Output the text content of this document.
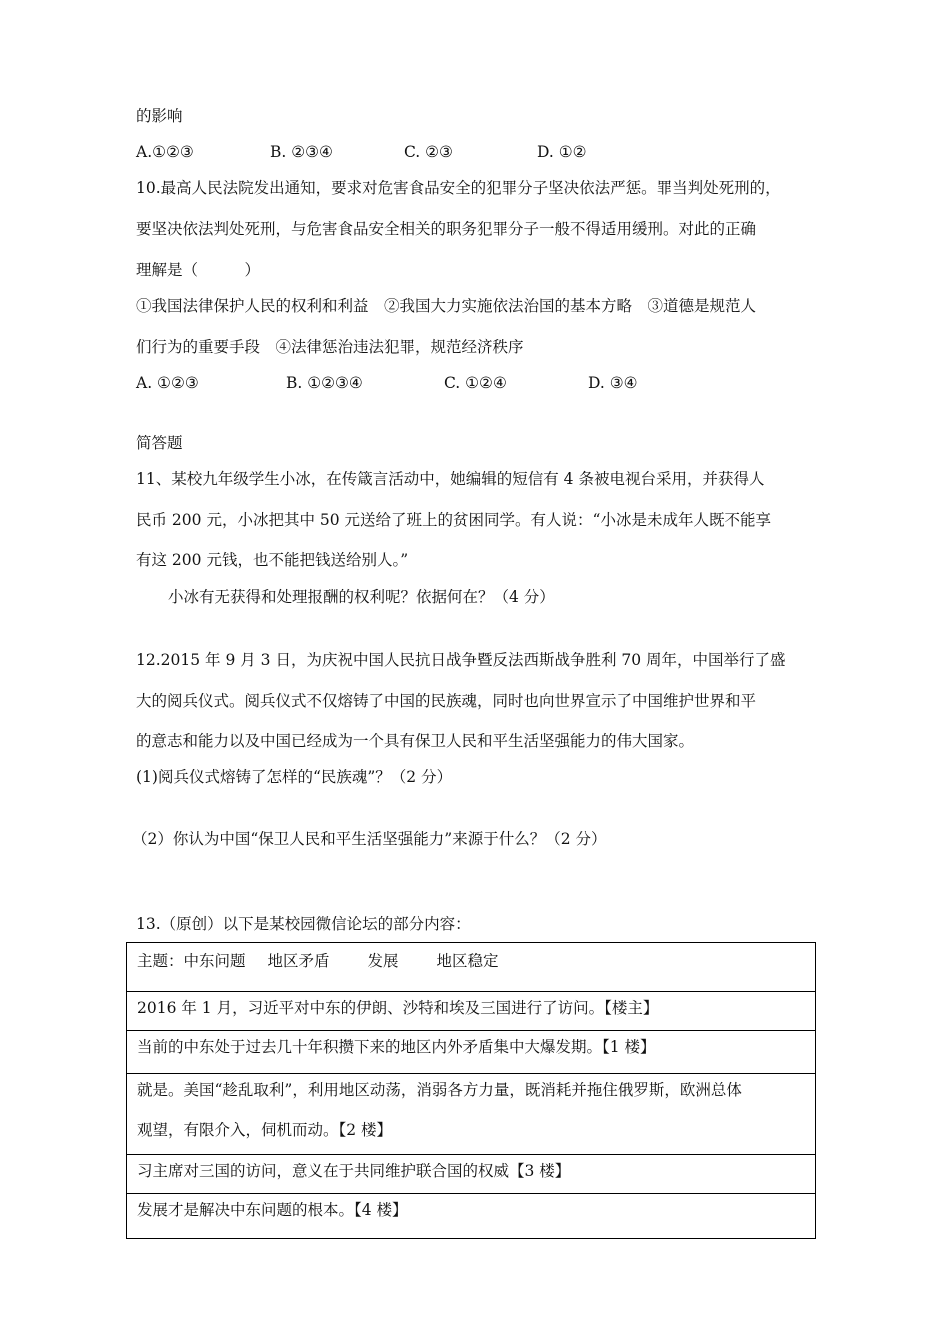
的影响
A.①②③	B. ②③④	C. ②③	D. ①②
10.最高人民法院发出通知，要求对危害食品安全的犯罪分子坚决依法严惩。罪当判处死刑的，
要坚决依法判处死刑，与危害食品安全相关的职务犯罪分子一般不得适用缓刑。对此的正确
理解是（　　　）
①我国法律保护人民的权利和利益　②我国大力实施依法治国的基本方略　③道德是规范人
们行为的重要手段　④法律惩治违法犯罪，规范经济秩序
A. ①②③	B. ①②③④	C. ①②④	D. ③④
简答题
11、某校九年级学生小冰，在传箴言活动中，她编辑的短信有 4 条被电视台采用，并获得人
民币 200 元，小冰把其中 50 元送给了班上的贫困同学。有人说：“小冰是未成年人既不能享
有这 200 元钱，也不能把钱送给别人。”
小冰有无获得和处理报酬的权利呢？依据何在？（4 分）
12.2015 年 9 月 3 日，为庆祝中国人民抗日战争暨反法西斯战争胜利 70 周年，中国举行了盛
大的阅兵仪式。阅兵仪式不仅熔铸了中国的民族魂，同时也向世界宣示了中国维护世界和平
的意志和能力以及中国已经成为一个具有保卫人民和平生活坚强能力的伟大国家。
(1)阅兵仪式熔铸了怎样的“民族魂”？（2 分）
（2）你认为中国“保卫人民和平生活坚强能力”来源于什么？（2 分）
13.（原创）以下是某校园微信论坛的部分内容：
主题：中东问题 地区矛盾 发展 地区稳定
2016 年 1 月，习近平对中东的伊朗、沙特和埃及三国进行了访问。【楼主】
当前的中东处于过去几十年积攒下来的地区内外矛盾集中大爆发期。【1 楼】

就是。美国“趁乱取利”，利用地区动荡，消弱各方力量，既消耗并拖住俄罗斯，欧洲总体
观望，有限介入，伺机而动。【2 楼】

习主席对三国的访问，意义在于共同维护联合国的权威【3 楼】
发展才是解决中东问题的根本。【4 楼】
